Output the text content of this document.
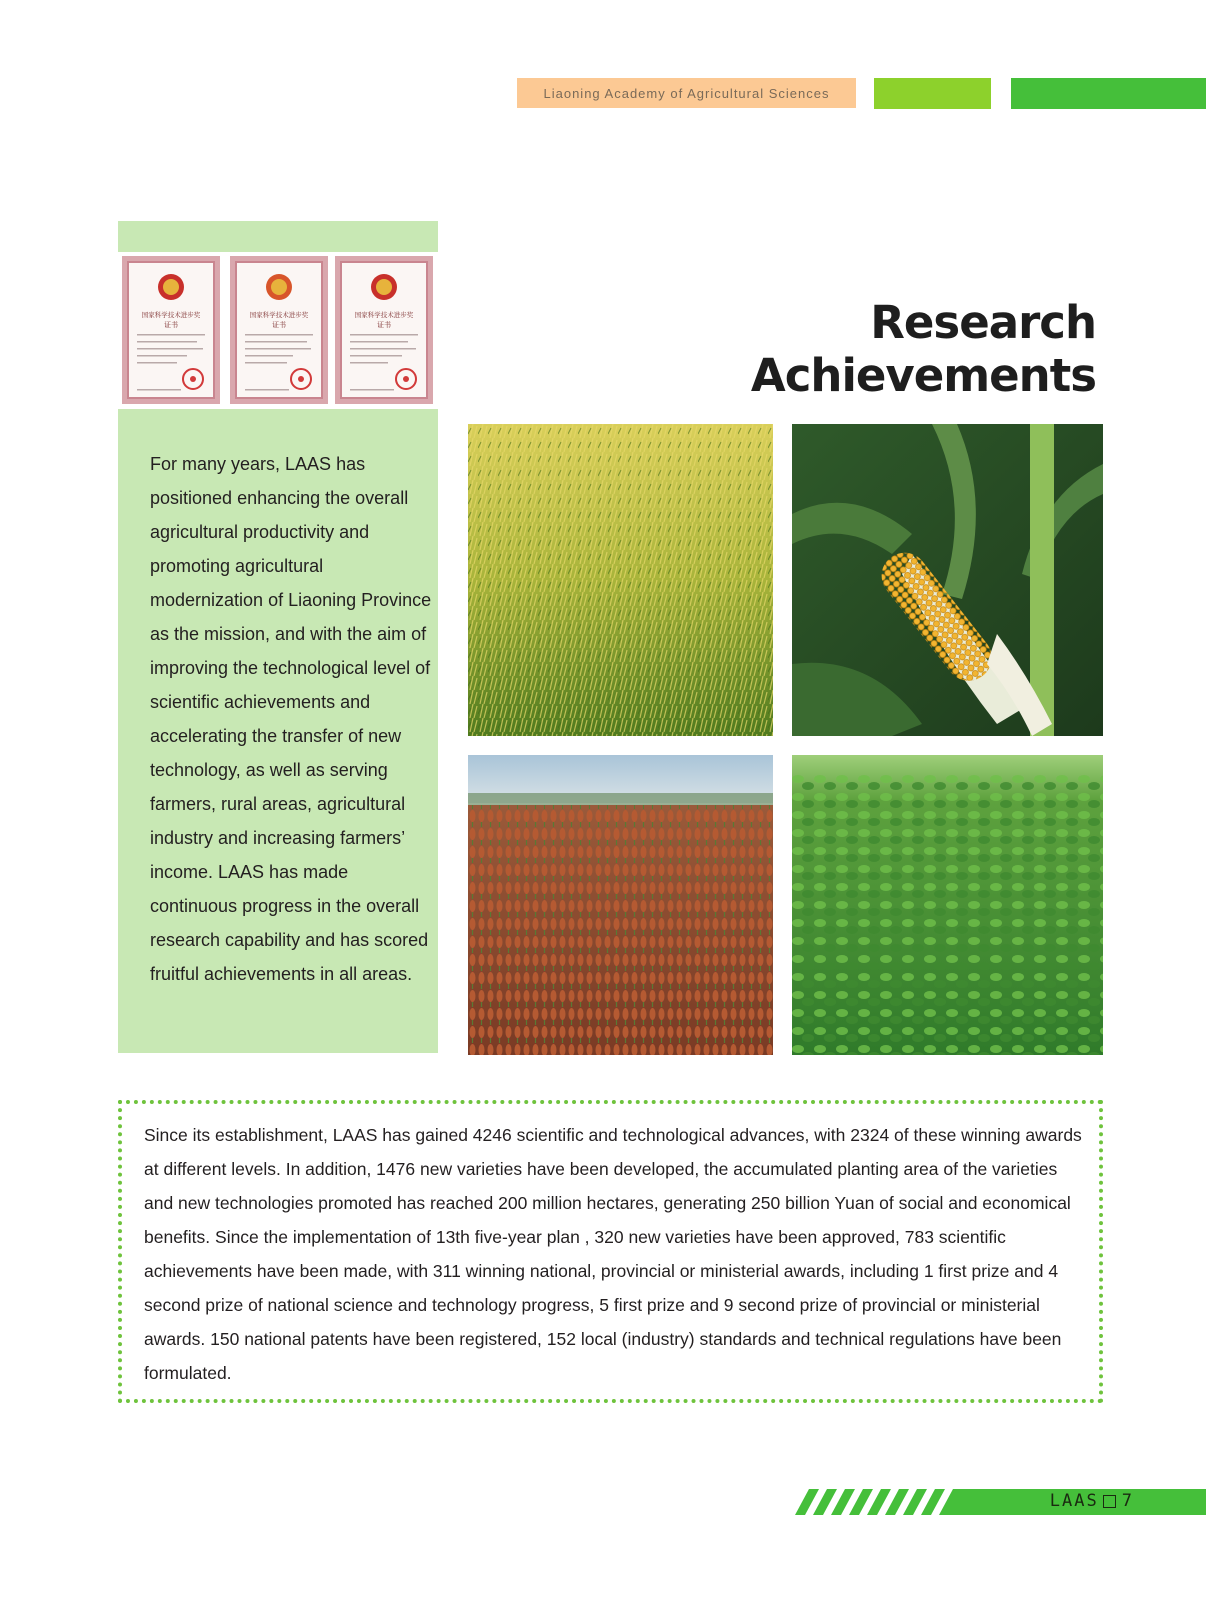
Liaoning Academy of Agricultural Sciences
国家科学技术进步奖
证书
国家科学技术进步奖
证书
国家科学技术进步奖
证书
For many years, LAAS has positioned enhancing the overall agricultural productivity and promoting agricultural modernization of Liaoning Province as the mission, and with the aim of improving the technological level of scientific achievements and accelerating the transfer of new technology, as well as serving farmers, rural areas, agricultural industry and increasing farmers’ income. LAAS has made continuous progress in the overall research capability and has scored fruitful achievements in all areas.
Research Achievements
Since its establishment, LAAS has gained 4246 scientific and technological advances, with 2324 of these winning awards at different levels. In addition, 1476 new varieties have been developed, the accumulated planting area of the varieties and new technologies promoted has reached 200 million hectares, generating 250 billion Yuan of social and economical benefits. Since the implementation of 13th five-year plan , 320 new varieties have been approved, 783 scientific achievements have been made, with 311 winning national, provincial or ministerial awards, including 1 first prize and 4 second prize of national science and technology progress, 5 first prize and 9 second prize of provincial or ministerial awards. 150 national patents have been registered, 152 local (industry) standards and technical regulations have been formulated.
LAAS 7
